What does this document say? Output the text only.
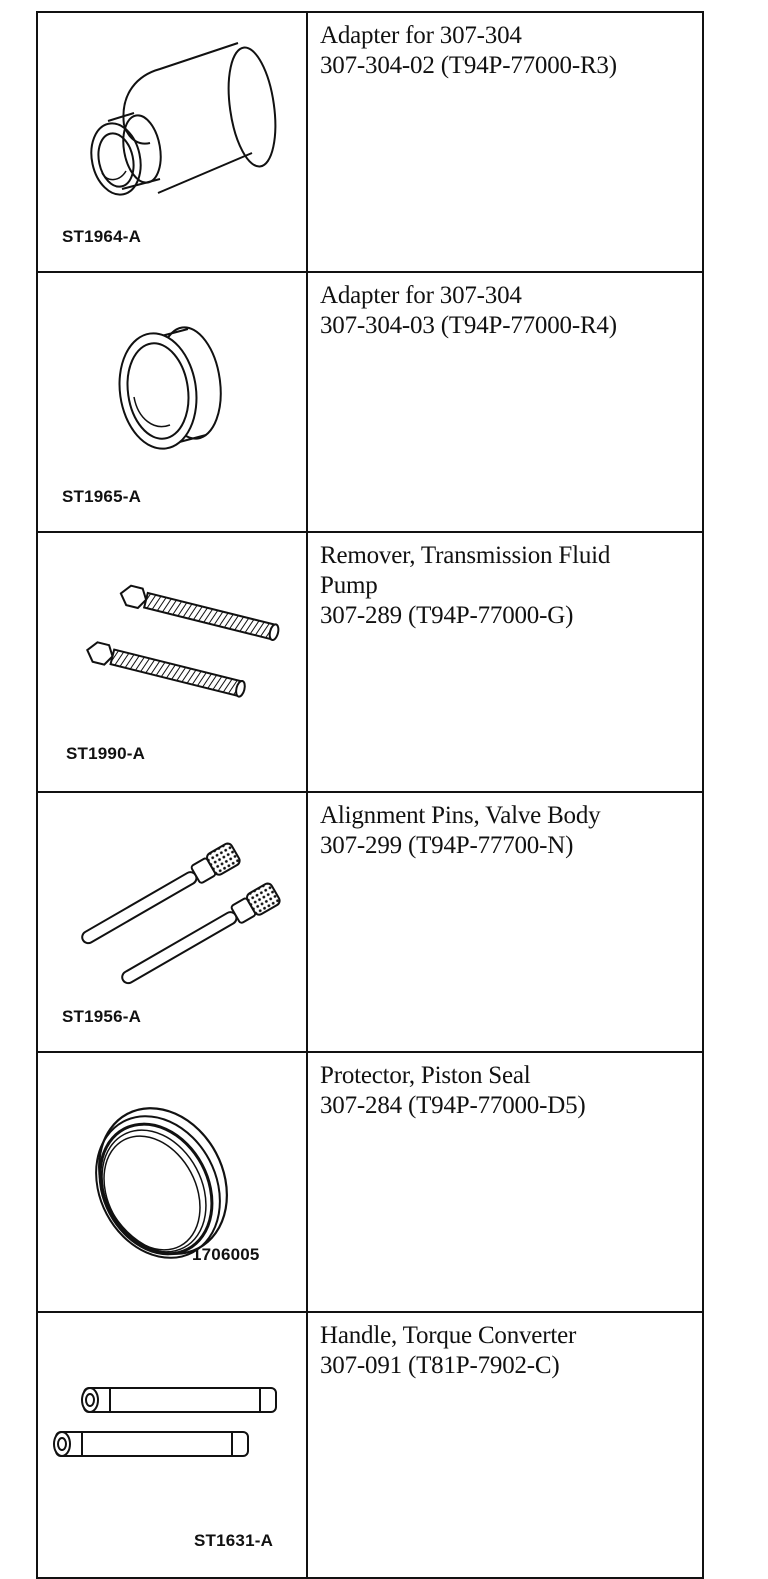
ST1964-A	Adapter for 307-304
307-304-02 (T94P-77000-R3)

ST1965-A	Adapter for 307-304
307-304-03 (T94P-77000-R4)

ST1990-A	Remover, Transmission Fluid
Pump
307-289 (T94P-77000-G)

ST1956-A	Alignment Pins, Valve Body
307-299 (T94P-77700-N)

1706005	Protector, Piston Seal
307-284 (T94P-77000-D5)

ST1631-A	Handle, Torque Converter
307-091 (T81P-7902-C)
